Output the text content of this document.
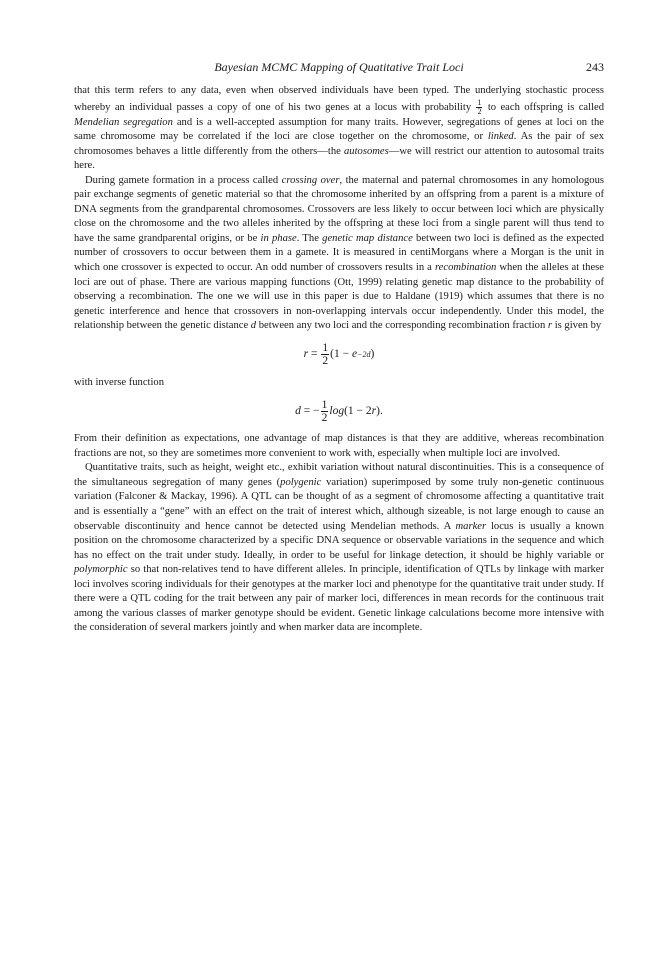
Bayesian MCMC Mapping of Quatitative Trait Loci	243

that this term refers to any data, even when observed individuals have been typed. The underlying stochastic process whereby an individual passes a copy of one of his two genes at a locus with probability $\frac{1}{2}$ to each offspring is called Mendelian segregation and is a well-accepted assumption for many traits. However, segregations of genes at loci on the same chromosome may be correlated if the loci are close together on the chromosome, or linked. As the pair of sex chromosomes behaves a little differently from the others—the autosomes—we will restrict our attention to autosomal traits here.

During gamete formation in a process called crossing over, the maternal and paternal chromosomes in any homologous pair exchange segments of genetic material so that the chromosome inherited by an offspring from a parent is a mixture of DNA segments from the grandparental chromosomes. Crossovers are less likely to occur between loci which are physically close on the chromosome and the two alleles inherited by the offspring at these loci from a single parent will thus tend to have the same grandparental origins, or be in phase. The genetic map distance between two loci is defined as the expected number of crossovers to occur between them in a gamete. It is measured in centiMorgans where a Morgan is the unit in which one crossover is expected to occur. An odd number of crossovers results in a recombination when the alleles at these loci are out of phase. There are various mapping functions (Ott, 1999) relating genetic map distance to the probability of observing a recombination. The one we will use in this paper is due to Haldane (1919) which assumes that there is no genetic interference and hence that crossovers in non-overlapping intervals occur independently. Under this model, the relationship between the genetic distance d between any two loci and the corresponding recombination fraction r is given by

$r = \frac{1}{2} (1 - e -2d$ )

with inverse function

d = − $\frac{1}{2}$ log (1 − 2 r ).

From their definition as expectations, one advantage of map distances is that they are additive, whereas recombination fractions are not, so they are sometimes more convenient to work with, especially when multiple loci are involved.

Quantitative traits, such as height, weight etc., exhibit variation without natural discontinuities. This is a consequence of the simultaneous segregation of many genes (polygenic variation) superimposed by some truly non-genetic continuous variation (Falconer & Mackay, 1996). A QTL can be thought of as a segment of chromosome affecting a quantitative trait and is essentially a “gene” with an effect on the trait of interest which, although sizeable, is not large enough to cause an observable discontinuity and hence cannot be detected using Mendelian methods. A marker locus is usually a known position on the chromosome characterized by a specific DNA sequence or observable variations in the sequence and which has no effect on the trait under study. Ideally, in order to be useful for linkage detection, it should be highly variable or polymorphic so that non-relatives tend to have different alleles. In principle, identification of QTLs by linkage with marker loci involves scoring individuals for their genotypes at the marker loci and phenotype for the quantitative trait under study. If there were a QTL coding for the trait between any pair of marker loci, differences in mean records for the continuous trait among the various classes of marker genotype should be evident. Genetic linkage calculations become more intensive with the consideration of several markers jointly and when marker data are incomplete.
